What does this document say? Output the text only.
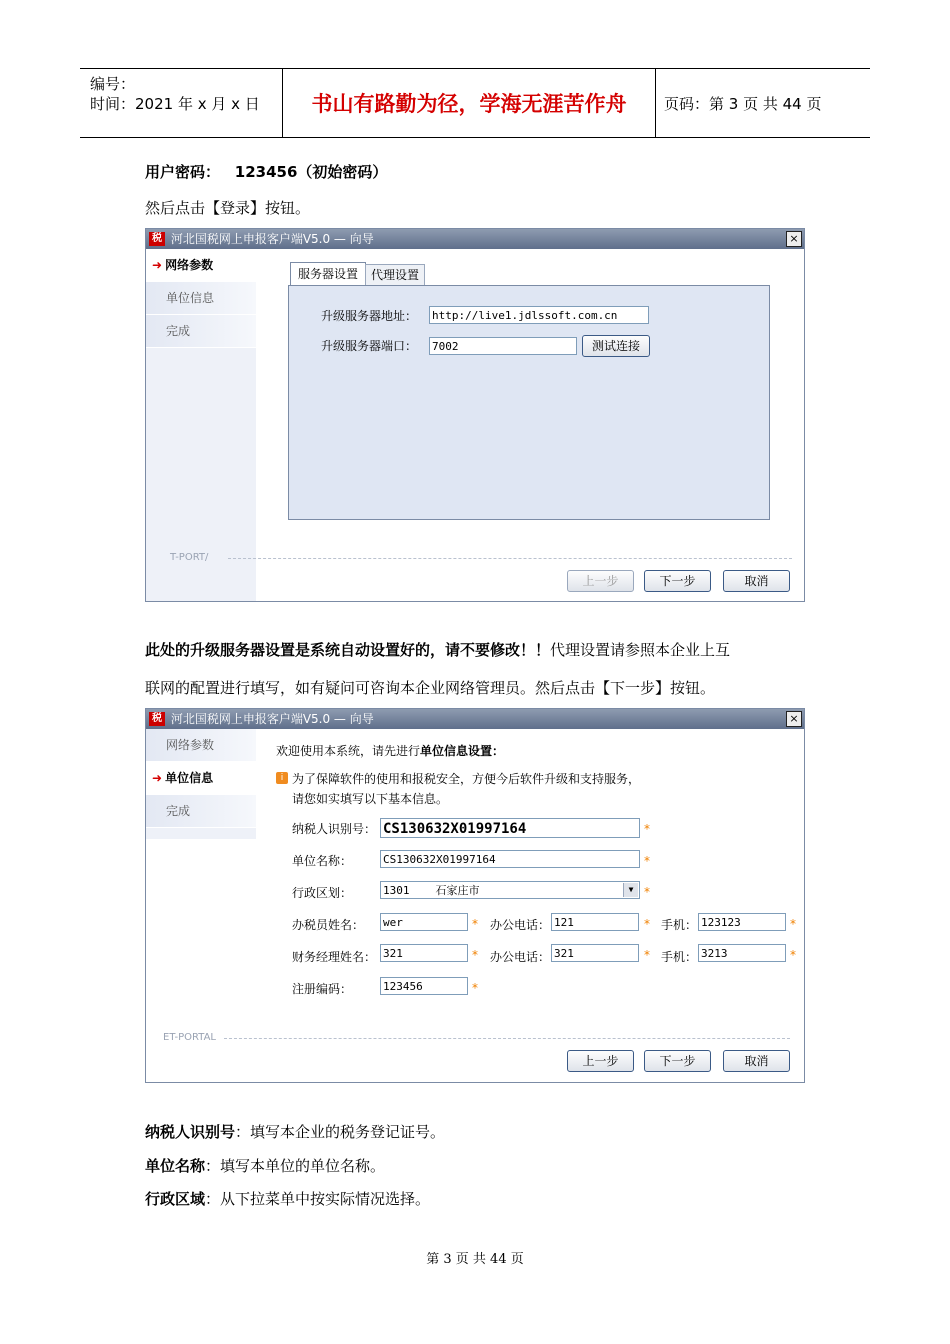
编号：
时间：2021 年 x 月 x 日	书山有路勤为径，学海无涯苦作舟	页码：第 3 页 共 44 页
用户密码： 123456（初始密码）
然后点击【登录】按钮。
税 河北国税网上申报客户端V5.0 — 向导	×
➜ 网络参数
单位信息
完成
服务器设置	代理设置
升级服务器地址： http://live1.jdlssoft.com.cn
升级服务器端口： 7002	测试连接
T-PORT/
上一步	下一步	取消
此处的升级服务器设置是系统自动设置好的，请不要修改！！代理设置请参照本企业上互
联网的配置进行填写，如有疑问可咨询本企业网络管理员。然后点击【下一步】按钮。
税 河北国税网上申报客户端V5.0 — 向导	×
网络参数
➜ 单位信息
完成
欢迎使用本系统，请先进行单位信息设置：
i 为了保障软件的使用和报税安全，方便今后软件升级和支持服务，
请您如实填写以下基本信息。
纳税人识别号： CS130632X01997164	*
单位名称：	CS130632X01997164	*
行政区划：	1301 石家庄市	▼ *
办税员姓名： wer	* 办公电话： 121	* 手机： 123123	*
财务经理姓名： 321	* 办公电话： 321	* 手机： 3213	*
注册编码：	123456	*
ET-PORTAL
上一步	下一步	取消
纳税人识别号：填写本企业的税务登记证号。
单位名称：填写本单位的单位名称。
行政区域：从下拉菜单中按实际情况选择。
第 3 页 共 44 页
